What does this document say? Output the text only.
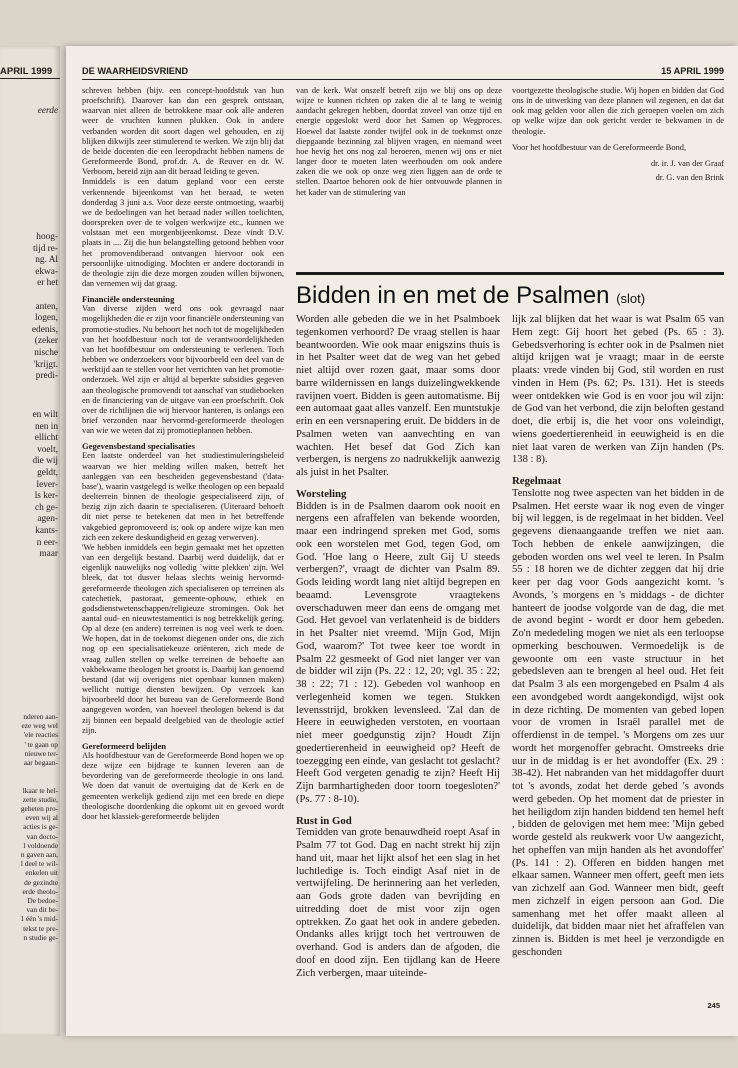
APRIL 1999
eerde
hoog-
tijd re-
ng. Al
ekwa-
er het

anten,
logen,
edenis,
(zeker
nische
'krijgt.
predi-
en wilt
nen in
ellicht
voelt,
die wij
geldt,
lever-
ls ker-
ch ge-
agen-
kants-
n eer-
maar
nderen aan-
eze weg wel
'ele reacties
' te gaan op
nieuwe ter-
aar begaan-

lkaar te hel-
zette studie,
geheten pro-
even wij al
acties is ge-
van docto-
l voldoende
n gaven aan,
l deel te wil-
enkelen uit
de gezindte
erde theolo-
De bedoe-
van dit be-
1 één 's mid-
tekst te pre-
n studie ge-
DE WAARHEIDSVRIEND	15 APRIL 1999

schreven hebben (bijv. een concept-hoofdstuk van hun proefschrift). Daarover kan dan een gesprek ontstaan, waarvan niet alleen de betrokkene maar ook alle anderen weer de vruchten kunnen plukken. Ook in andere verbanden worden dit soort dagen wel gehouden, en zij blijken dikwijls zeer stimulerend te werken. We zijn blij dat de beide docenten die een leeropdracht hebben namens de Gereformeerde Bond, prof.dr. A. de Reuver en dr. W. Verboom, bereid zijn aan dit beraad leiding te geven.

Inmiddels is een datum gepland voor een eerste verkennende bijeenkomst van het beraad, te weten donderdag 3 juni a.s. Voor deze eerste ontmoeting, waarbij we de bedoelingen van het beraad nader willen toelichten, doorspreken over de te volgen werkwijze etc., kunnen we volstaan met een morgenbijeenkomst. Deze vindt D.V. plaats in .... Zij die hun belangstelling getoond hebben voor het promovendiberaad ontvangen hiervoor ook een persoonlijke uitnodiging. Mochten er andere doctorandi in de theologie zijn die deze morgen zouden willen bijwonen, dan vernemen wij dat graag.

Financiële ondersteuning

Van diverse zijden werd ons ook gevraagd naar mogelijkheden die er zijn voor financiële ondersteuning van promotie-studies. Nu behoort het noch tot de mogelijkheden van het hoofdbestuur noch tot de verantwoordelijkheden van het hoofdbestuur om ondersteuning te verlenen. Toch hebben we onderzoekers voor bijvoorbeeld een deel van de werktijd aan te stellen voor het verrichten van het promotie-onderzoek. Wel zijn er altijd al beperkte subsidies gegeven aan theologische promovendi tot aanschaf van studieboeken en de financiering van de uitgave van een proefschrift. Ook over de richtlijnen die wij hiervoor hanteren, is onlangs een brief verzonden naar hervormd-gereformeerde theologen van wie we weten dat zij promotieplannen hebben.

Gegevensbestand specialisaties

Een laatste onderdeel van het studiestimuleringsbeleid waarvan we hier melding willen maken, betreft het aanleggen van een bescheiden gegevensbestand ('data-base'), waarin vastgelegd is welke theologen op een bepaald deelterrein binnen de theologie gespecialiseerd zijn, of bezig zijn zich daarin te specialiseren. (Uiteraard behoeft dit niet perse te betekenen dat men in het betreffende vakgebied gepromoveerd is; ook op andere wijze kan men zich een zekere deskundigheid en gezag verwerven).

'We hebben inmiddels een begin gemaakt met het opzetten van een dergelijk bestand. Daarbij werd duidelijk, dat er eigenlijk nauwelijks nog volledig `witte plekken' zijn. Wel bleek, dat tot dusver helaas slechts weinig hervormd-gereformeerde theologen zich specialiseren op terreinen als catechetiek, pastoraat, gemeente-opbouw, ethiek en godsdienstwetenschappen/religieuze stromingen. Ook het aantal oud- en nieuwtestamentici is nog betrekkelijk gering. Op al deze (en andere) terreinen is nog veel werk te doen. We hopen, dat in de toekomst diegenen onder ons, die zich nog op een specialisatiekeuze oriënteren, zich mede de vraag zullen stellen op welke terreinen de behoefte aan vakbekwame theologen het grootst is. Daarbij kan genoemd bestand (dat wij overigens niet openbaar kunnen maken) wellicht nuttige diensten bewijzen. Op verzoek kan bijvoorbeeld door het bureau van de Gereformeerde Bond aangegeven worden, van hoeveel theologen bekend is dat zij binnen een bepaald deelgebied van de theologie actief zijn.

Gereformeerd belijden

Als hoofdbestuur van de Gereformeerde Bond hopen we op deze wijze een bijdrage te kunnen leveren aan de bevordering van de gereformeerde theologie in ons land. We doen dat vanuit de overtuiging dat de Kerk en de gemeenten werkelijk gediend zijn met een brede en diepe theologische doordenking die opkomt uit en gevoed wordt door het klassiek-gereformeerde belijden

van de kerk. Wat onszelf betreft zijn we blij ons op deze wijze te kunnen richten op zaken die al te lang te weinig aandacht gekregen hebben, doordat zoveel van onze tijd en energie opgeslokt werd door het Samen op Wegproces. Hoewel dat laatste zonder twijfel ook in de toekomst onze diepgaande bezinning zal blijven vragen, en niemand weet hoe hevig het ons nog zal beroeren, menen wij ons er niet langer door te moeten laten weerhouden om ook andere zaken die we ook op onze weg zien liggen aan de orde te stellen. Daartoe behoren ook de hier ontvouwde plannen in het kader van de stimulering van

voortgezette theologische studie. Wij hopen en bidden dat God ons in de uitwerking van deze plannen wil zegenen, en dat dat ook mag gelden voor allen die zich geroepen voelen om zich op welke wijze dan ook gericht verder te bekwamen in de theologie.

Voor het hoofdbestuur van de Gereformeerde Bond,

dr. ir. J. van der Graaf

dr. G. van den Brink

Bidden in en met de Psalmen (slot)

Worden alle gebeden die we in het Psalmboek tegenkomen verhoord? De vraag stellen is haar beantwoorden. Wie ook maar enigszins thuis is in het Psalter weet dat de weg van het gebed niet altijd over rozen gaat, maar soms door barre wildernissen en langs duizelingwekkende ravijnen voert. Bidden is geen automatisme. Bij een automaat gaat alles vanzelf. Een muntstukje erin en een versnapering eruit. De bidders in de Psalmen weten van aanvechting en van wachten. Het besef dat God Zich kan verbergen, is nergens zo nadrukkelijk aanwezig als juist in het Psalter.

Worsteling

Bidden is in de Psalmen daarom ook nooit en nergens een afraffelen van bekende woorden, maar een indringend spreken met God, soms ook een worstelen met God, tegen God, om God. 'Hoe lang o Heere, zult Gij U steeds verbergen?', vraagt de dichter van Psalm 89. Gods leiding wordt lang niet altijd begrepen en beaamd. Levensgrote vraagtekens overschaduwen meer dan eens de omgang met God. Het gevoel van verlatenheid is de bidders in het Psalter niet vreemd. 'Mijn God, Mijn God, waarom?' Tot twee keer toe wordt in Psalm 22 gesmeekt of God niet langer ver van de bidder wil zijn (Ps. 22 : 12, 20; vgl. 35 : 22; 38 : 22; 71 : 12). Gebeden vol wanhoop en verlegenheid komen we tegen. Stukken levensstrijd, brokken levensleed. 'Zal dan de Heere in eeuwigheden verstoten, en voortaan niet meer goedgunstig zijn? Houdt Zijn goedertierenheid in eeuwigheid op? Heeft de toezegging een einde, van geslacht tot geslacht? Heeft God vergeten genadig te zijn? Heeft Hij Zijn barmhartigheden door toorn toegesloten?' (Ps. 77 : 8-10).

Rust in God

Temidden van grote benauwdheid roept Asaf in Psalm 77 tot God. Dag en nacht strekt hij zijn hand uit, maar het lijkt alsof het een slag in het luchtledige is. Toch eindigt Asaf niet in de vertwijfeling. De herinnering aan het verleden, aan Gods grote daden van bevrijding en uitredding doet de mist voor zijn ogen optrekken. Zo gaat het ook in andere gebeden. Ondanks alles krijgt toch het vertrouwen de overhand. God is anders dan de afgoden, die doof en dood zijn. Een tijdlang kan de Heere Zich verbergen, maar uiteinde-

lijk zal blijken dat het waar is wat Psalm 65 van Hem zegt: Gij hoort het gebed (Ps. 65 : 3). Gebedsverhoring is echter ook in de Psalmen niet altijd krijgen wat je vraagt; maar in de eerste plaats: vrede vinden bij God, stil worden en rust vinden in Hem (Ps. 62; Ps. 131). Het is steeds weer ontdekken wie God is en voor jou wil zijn: de God van het verbond, die zijn beloften gestand doet, die erbij is, die het voor ons voleindigt, wiens goedertierenheid in eeuwigheid is en die niet laat varen de werken van Zijn handen (Ps. 138 : 8).

Regelmaat

Tenslotte nog twee aspecten van het bidden in de Psalmen. Het eerste waar ik nog even de vinger bij wil leggen, is de regelmaat in het bidden. Veel gegevens dienaangaande treffen we niet aan. Toch hebben de enkele aanwijzingen, die geboden worden ons wel veel te leren. In Psalm 55 : 18 horen we de dichter zeggen dat hij drie keer per dag voor Gods aangezicht komt. 's Avonds, 's morgens en 's middags - de dichter hanteert de joodse volgorde van de dag, die met de avond begint - wordt er door hem gebeden. Zo'n mededeling mogen we niet als een terloopse opmerking beschouwen. Vermoedelijk is de gewoonte om een vaste structuur in het gebedsleven aan te brengen al heel oud. Het feit dat Psalm 3 als een morgengebed en Psalm 4 als een avondgebed wordt aangekondigd, wijst ook in deze richting. De momenten van gebed lopen voor de vromen in Israël parallel met de offerdienst in de tempel. 's Morgens om zes uur wordt het morgenoffer gebracht. Omstreeks drie uur in de middag is er het avondoffer (Ex. 29 : 38-42). Het nabranden van het middagoffer duurt tot 's avonds, zodat het derde gebed 's avonds werd gebeden. Op het moment dat de priester in het heiligdom zijn handen biddend ten hemel heft , bidden de gelovigen met hem mee: 'Mijn gebed worde gesteld als reukwerk voor Uw aangezicht, het opheffen van mijn handen als het avondoffer' (Ps. 141 : 2). Offeren en bidden hangen met elkaar samen. Wanneer men offert, geeft men iets van zichzelf aan God. Wanneer men bidt, geeft men zichzelf in eigen persoon aan God. Die samenhang met het offer maakt alleen al duidelijk, dat bidden maar niet het afraffelen van zinnen is. Bidden is met heel je verzondigde en geschonden

245
